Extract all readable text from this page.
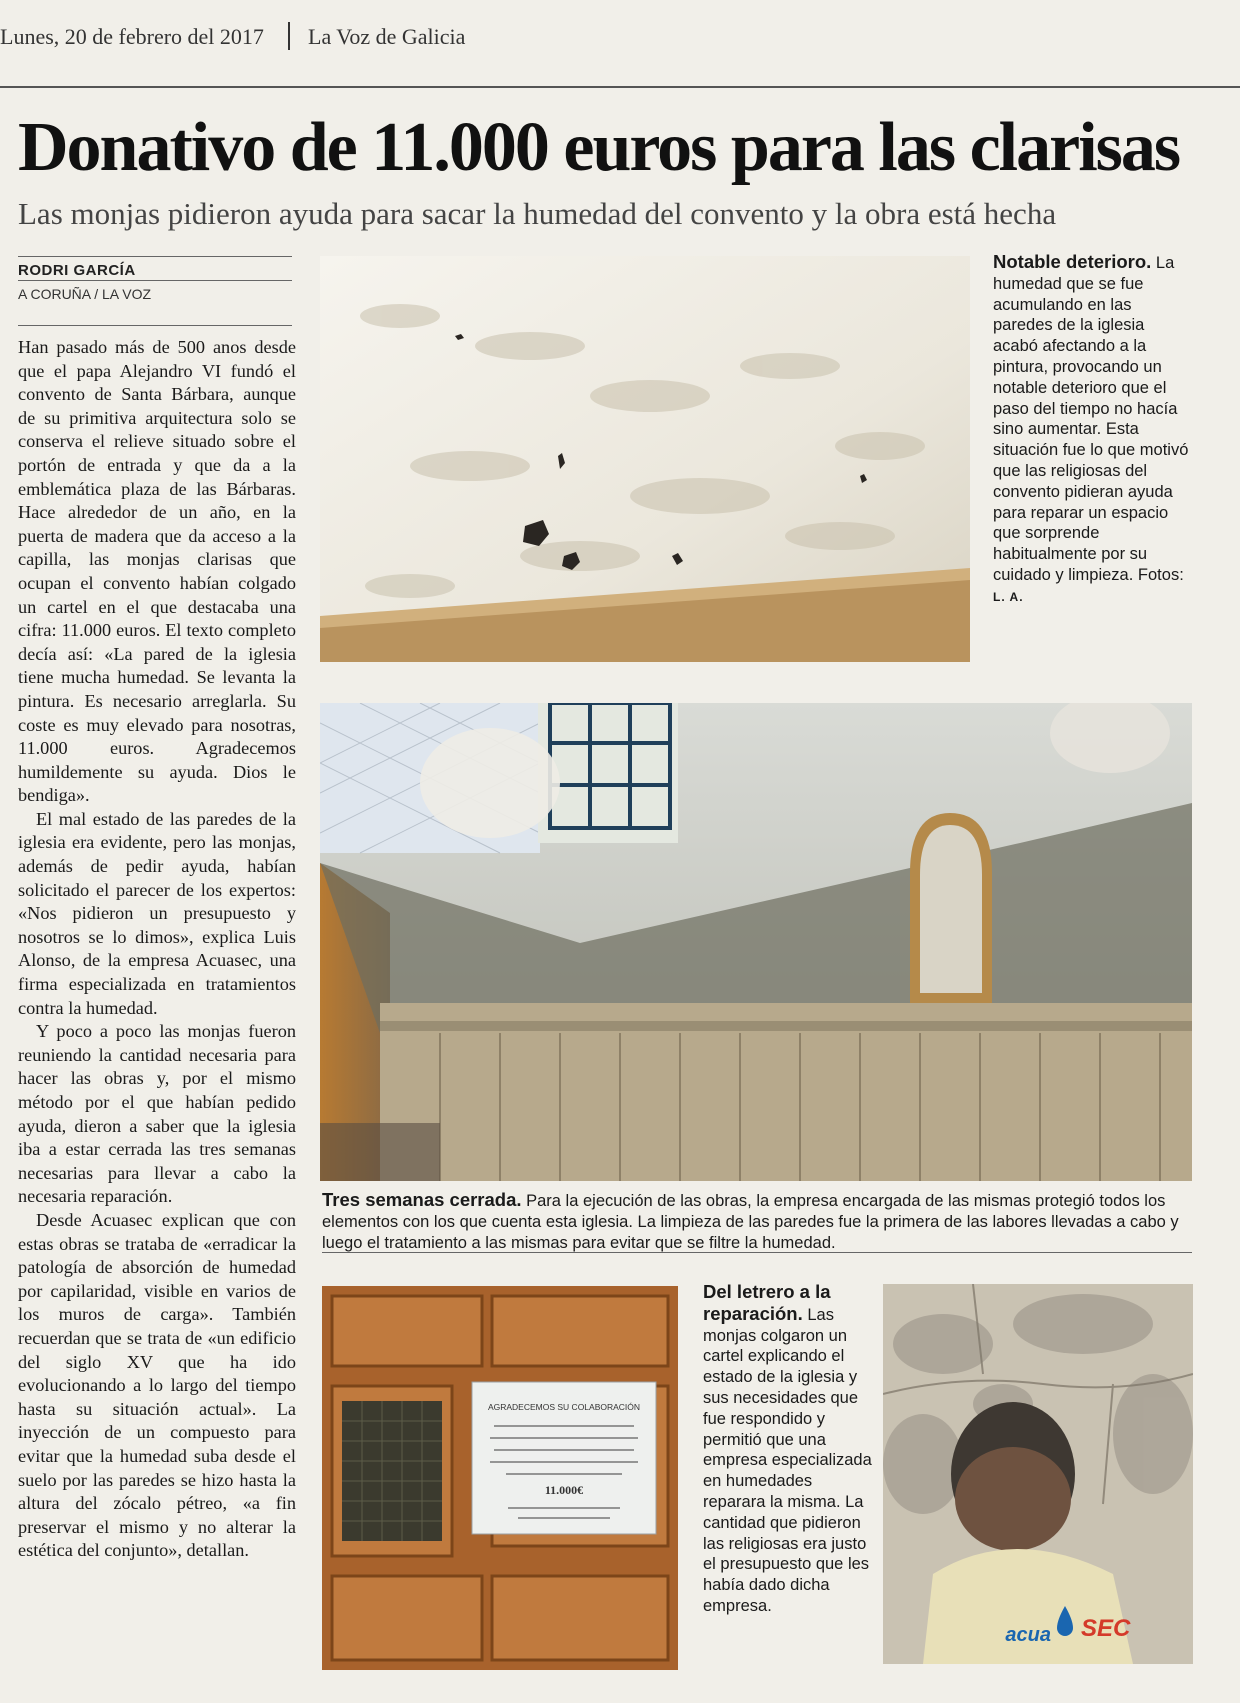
Lunes, 20 de febrero del 2017 La Voz de Galicia
Donativo de 11.000 euros para las clarisas
Las monjas pidieron ayuda para sacar la humedad del convento y la obra está hecha
RODRI GARCÍA
A CORUÑA / LA VOZ

Han pasado más de 500 anos desde que el papa Alejandro VI fundó el convento de Santa Bárbara, aunque de su primitiva arquitectura solo se conserva el relieve situado sobre el portón de entrada y que da a la emblemática plaza de las Bárbaras. Hace alrededor de un año, en la puerta de madera que da acceso a la capilla, las monjas clarisas que ocupan el convento habían colgado un cartel en el que destacaba una cifra: 11.000 euros. El texto completo decía así: «La pared de la iglesia tiene mucha humedad. Se levanta la pintura. Es necesario arreglarla. Su coste es muy elevado para nosotras, 11.000 euros. Agradecemos humildemente su ayuda. Dios le bendiga».

El mal estado de las paredes de la iglesia era evidente, pero las monjas, además de pedir ayuda, habían solicitado el parecer de los expertos: «Nos pidieron un presupuesto y nosotros se lo dimos», explica Luis Alonso, de la empresa Acuasec, una firma especializada en tratamientos contra la humedad.

Y poco a poco las monjas fueron reuniendo la cantidad necesaria para hacer las obras y, por el mismo método por el que habían pedido ayuda, dieron a saber que la iglesia iba a estar cerrada las tres semanas necesarias para llevar a cabo la necesaria reparación.

Desde Acuasec explican que con estas obras se trataba de «erradicar la patología de absorción de humedad por capilaridad, visible en varios de los muros de carga». También recuerdan que se trata de «un edificio del siglo XV que ha ido evolucionando a lo largo del tiempo hasta su situación actual». La inyección de un compuesto para evitar que la humedad suba desde el suelo por las paredes se hizo hasta la altura del zócalo pétreo, «a fin preservar el mismo y no alterar la estética del conjunto», detallan.

Notable deterioro. La humedad que se fue acumulando en las paredes de la iglesia acabó afectando a la pintura, provocando un notable deterioro que el paso del tiempo no hacía sino aumentar. Esta situación fue lo que motivó que las religiosas del convento pidieran ayuda para reparar un espacio que sorprende habitualmente por su cuidado y limpieza. Fotos: L. A.
Tres semanas cerrada. Para la ejecución de las obras, la empresa encargada de las mismas protegió todos los elementos con los que cuenta esta iglesia. La limpieza de las paredes fue la primera de las labores llevadas a cabo y luego el tratamiento a las mismas para evitar que se filtre la humedad.
AGRADECEMOS SU COLABORACIÓN
11.000€
Del letrero a la reparación. Las monjas colgaron un cartel explicando el estado de la iglesia y sus necesidades que fue respondido y permitió que una empresa especializada en humedades reparara la misma. La cantidad que pidieron las religiosas era justo el presupuesto que les había dado dicha empresa.
acua SEC
